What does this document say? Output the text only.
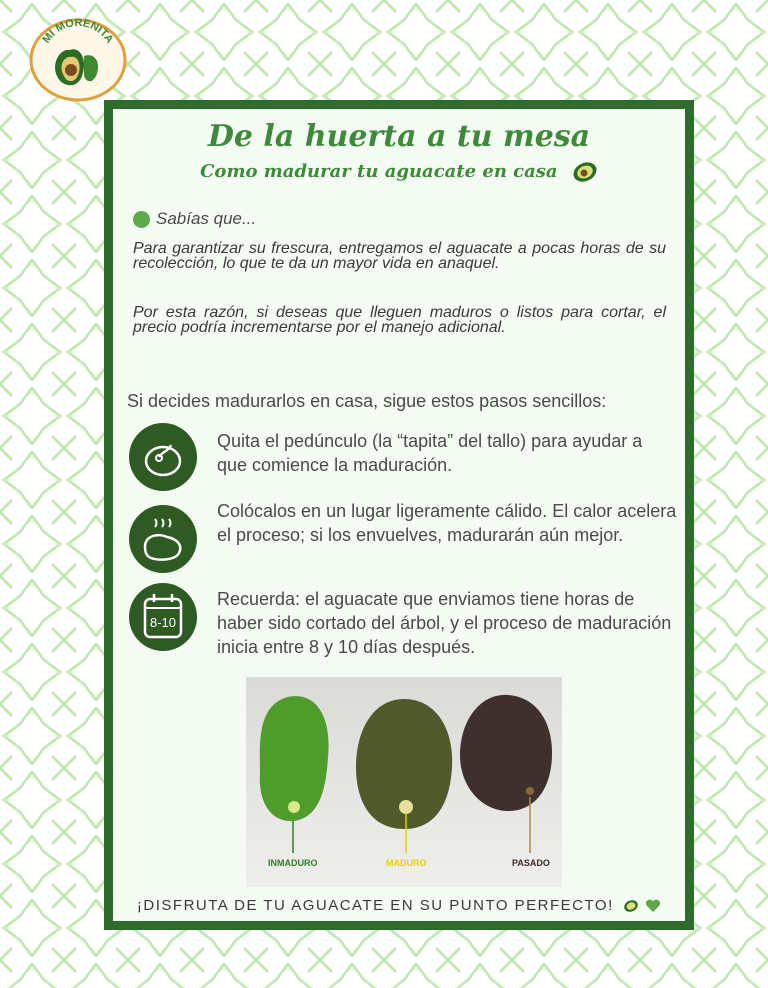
MI MORENITA
De la huerta a tu mesa
Como madurar tu aguacate en casa
Sabías que...

Para garantizar su frescura, entregamos el aguacate a pocas horas de su recolección, lo que te da un mayor vida en anaquel.

Por esta razón, si deseas que lleguen maduros o listos para cortar, el precio podría incrementarse por el manejo adicional.

Si decides madurarlos en casa, sigue estos pasos sencillos:

Quita el pedúnculo (la “tapita” del tallo) para ayudar a que comience la maduración.

Colócalos en un lugar ligeramente cálido. El calor acelera el proceso; si los envuelves, madurarán aún mejor.

8-10

Recuerda: el aguacate que enviamos tiene horas de haber sido cortado del árbol, y el proceso de maduración inicia entre 8 y 10 días después.

INMADURO	MADURO	PASADO

¡DISFRUTA DE TU AGUACATE EN SU PUNTO PERFECTO!
